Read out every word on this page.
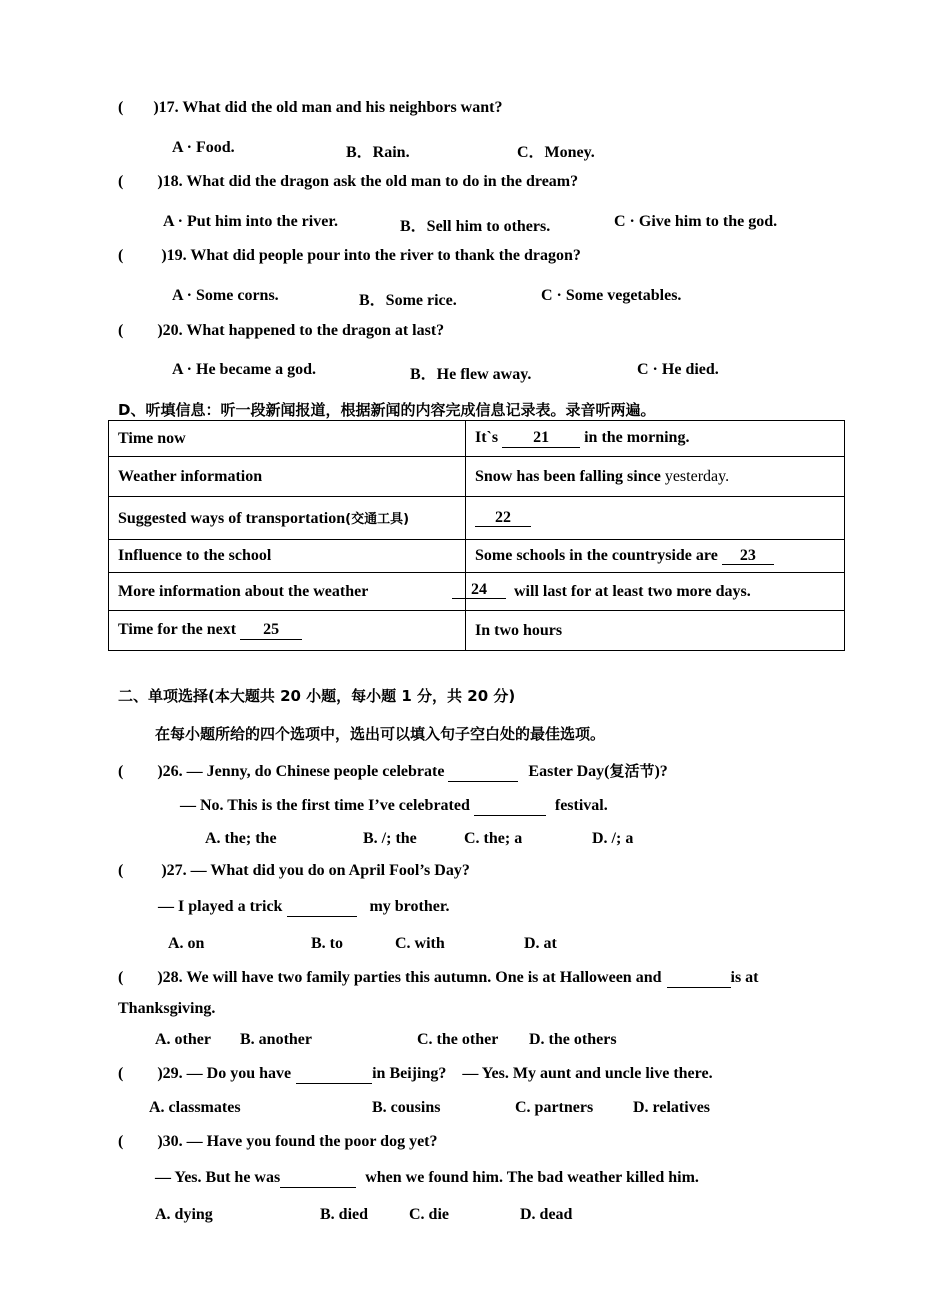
( )17. What did the old man and his neighbors want?
A · Food.	B．Rain.	C．Money.
( )18. What did the dragon ask the old man to do in the dream?
A · Put him into the river.	B．Sell him to others.	C · Give him to the god.
( )19. What did people pour into the river to thank the dragon?
A · Some corns.	B．Some rice.	C · Some vegetables.
( )20. What happened to the dragon at last?
A · He became a god.	B．He flew away.	C · He died.
D、听填信息：听一段新闻报道，根据新闻的内容完成信息记录表。录音听两遍。
Time now	It`s 21 in the morning.
Weather information	Snow has been falling since yesterday.
Suggested ways of transportation(交通工具)	22
Influence to the school	Some schools in the countryside are 23
More information about the weather	24 will last for at least two more days.
Time for the next 25	In two hours
二、单项选择(本大题共 20 小题，每小题 1 分，共 20 分)
在每小题所给的四个选项中，选出可以填入句子空白处的最佳选项。
( )26. — Jenny, do Chinese people celebrate	Easter Day(复活节)?
— No. This is the first time I’ve celebrated	festival.
A. the; the	B. /; the	C. the; a	D. /; a
( )27. — What did you do on April Fool’s Day?
— I played a trick	my brother.
A. on	B. to	C. with	D. at
( )28. We will have two family parties this autumn. One is at Halloween and	is at
Thanksgiving.
A. other B. another	C. the other D. the others
( )29. — Do you have	in Beijing?    — Yes. My aunt and uncle live there.
A. classmates	B. cousins	C. partners D. relatives
( )30. — Have you found the poor dog yet?
— Yes. But he was	when we found him. The bad weather killed him.
A. dying	B. died	C. die	D. dead
